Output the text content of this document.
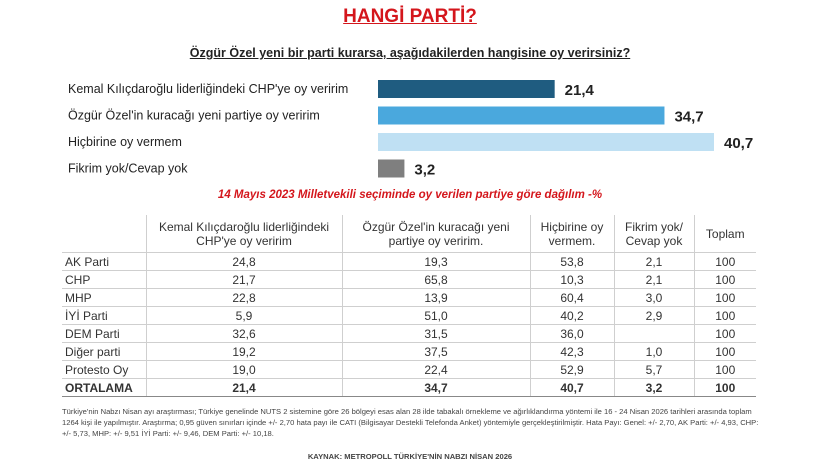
HANGİ PARTİ?
Özgür Özel yeni bir parti kurarsa, aşağıdakilerden hangisine oy verirsiniz?
Kemal Kılıçdaroğlu liderliğindeki CHP'ye oy veririm	21,4
Özgür Özel'in kuracağı yeni partiye oy veririm	34,7
Hiçbirine oy vermem	40,7
Fikrim yok/Cevap yok	3,2
14 Mayıs 2023 Milletvekili seçiminde oy verilen partiye göre dağılım -%
	Kemal Kılıçdaroğlu liderliğindeki CHP'ye oy veririm	Özgür Özel'in kuracağı yeni partiye oy veririm.	Hiçbirine oy vermem.	Fikrim yok/ Cevap yok	Toplam
AK Parti	24,8	19,3	53,8	2,1	100
CHP	21,7	65,8	10,3	2,1	100
MHP	22,8	13,9	60,4	3,0	100
İYİ Parti	5,9	51,0	40,2	2,9	100
DEM Parti	32,6	31,5	36,0		100
Diğer parti	19,2	37,5	42,3	1,0	100
Protesto Oy	19,0	22,4	52,9	5,7	100
ORTALAMA	21,4	34,7	40,7	3,2	100
Türkiye'nin Nabzı Nisan ayı araştırması; Türkiye genelinde NUTS 2 sistemine göre 26 bölgeyi esas alan 28 ilde tabakalı örnekleme ve ağırlıklandırma yöntemi ile 16 - 24 Nisan 2026 tarihleri arasında toplam 1264 kişi ile yapılmıştır. Araştırma; 0,95 güven sınırları içinde +/- 2,70 hata payı ile CATI (Bilgisayar Destekli Telefonda Anket) yöntemiyle gerçekleştirilmiştir. Hata Payı: Genel: +/- 2,70, AK Parti: +/- 4,93, CHP: +/- 5,73, MHP: +/- 9,51 İYİ Parti: +/- 9,46, DEM Parti: +/- 10,18.
KAYNAK: METROPOLL TÜRKİYE'NİN NABZI NİSAN 2026
